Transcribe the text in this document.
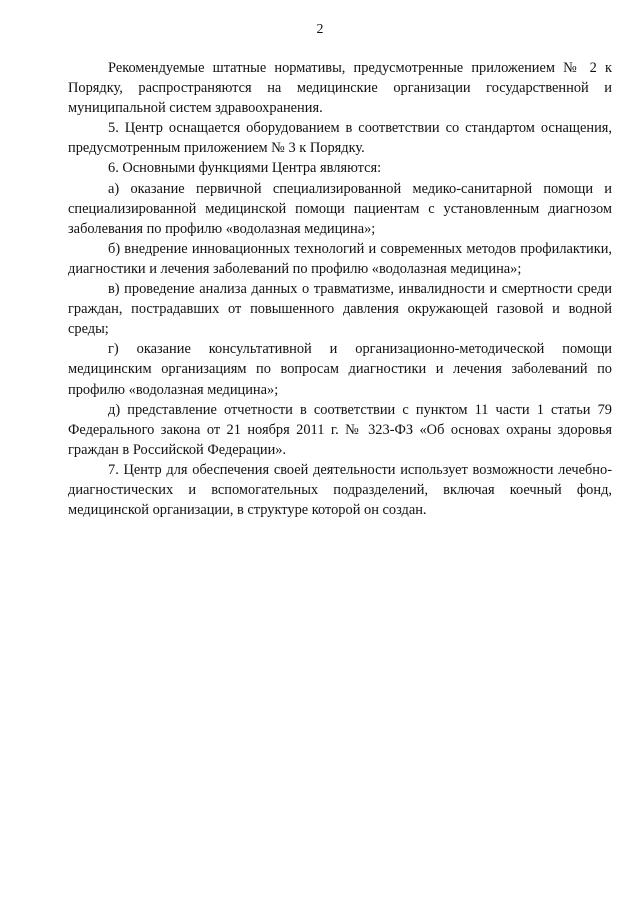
2

Рекомендуемые штатные нормативы, предусмотренные приложением № 2 к Порядку, распространяются на медицинские организации государственной и муниципальной систем здравоохранения.

5. Центр оснащается оборудованием в соответствии со стандартом оснащения, предусмотренным приложением № 3 к Порядку.

6. Основными функциями Центра являются:

а) оказание первичной специализированной медико-санитарной помощи и специализированной медицинской помощи пациентам с установленным диагнозом заболевания по профилю «водолазная медицина»;

б) внедрение инновационных технологий и современных методов профилактики, диагностики и лечения заболеваний по профилю «водолазная медицина»;

в) проведение анализа данных о травматизме, инвалидности и смертности среди граждан, пострадавших от повышенного давления окружающей газовой и водной среды;

г) оказание консультативной и организационно-методической помощи медицинским организациям по вопросам диагностики и лечения заболеваний по профилю «водолазная медицина»;

д) представление отчетности в соответствии с пунктом 11 части 1 статьи 79 Федерального закона от 21 ноября 2011 г. № 323-ФЗ «Об основах охраны здоровья граждан в Российской Федерации».

7. Центр для обеспечения своей деятельности использует возможности лечебно-диагностических и вспомогательных подразделений, включая коечный фонд, медицинской организации, в структуре которой он создан.
